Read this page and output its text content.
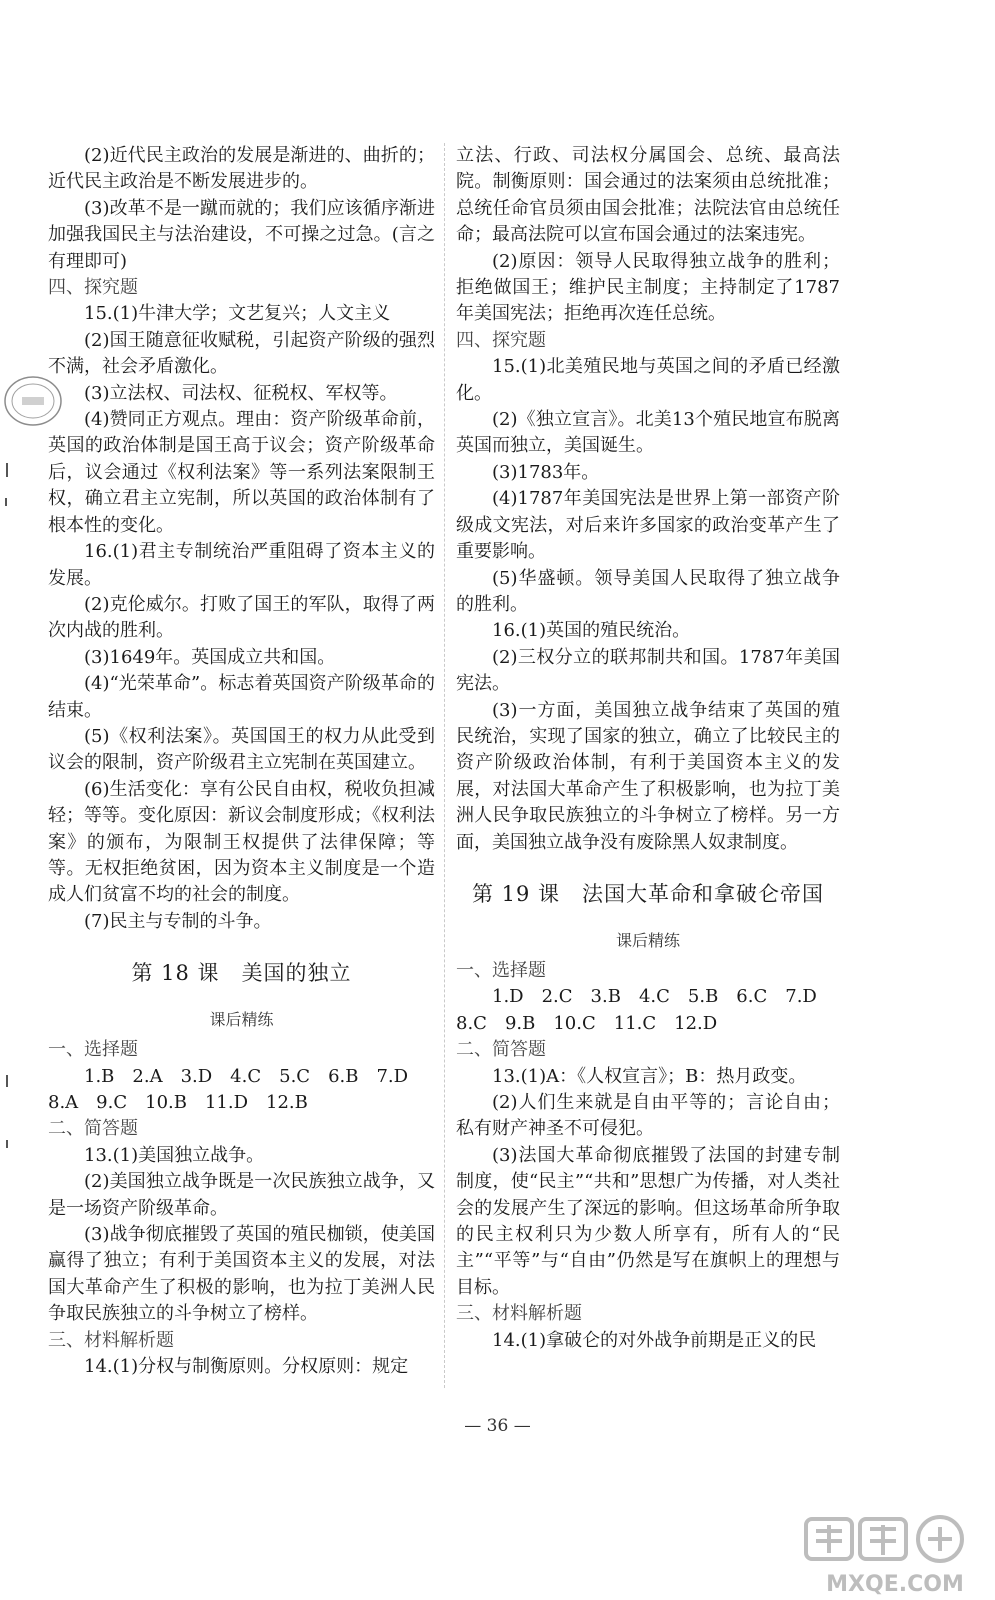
(2)近代民主政治的发展是渐进的、曲折的；近代民主政治是不断发展进步的。

(3)改革不是一蹴而就的；我们应该循序渐进加强我国民主与法治建设，不可操之过急。(言之有理即可)

四、探究题

15.(1)牛津大学；文艺复兴；人文主义

(2)国王随意征收赋税，引起资产阶级的强烈不满，社会矛盾激化。

(3)立法权、司法权、征税权、军权等。

(4)赞同正方观点。理由：资产阶级革命前，英国的政治体制是国王高于议会；资产阶级革命后，议会通过《权利法案》等一系列法案限制王权，确立君主立宪制，所以英国的政治体制有了根本性的变化。

16.(1)君主专制统治严重阻碍了资本主义的发展。

(2)克伦威尔。打败了国王的军队，取得了两次内战的胜利。

(3)1649年。英国成立共和国。

(4)“光荣革命”。标志着英国资产阶级革命的结束。

(5)《权利法案》。英国国王的权力从此受到议会的限制，资产阶级君主立宪制在英国建立。

(6)生活变化：享有公民自由权，税收负担减轻；等等。变化原因：新议会制度形成；《权利法案》的颁布，为限制王权提供了法律保障；等等。无权拒绝贫困，因为资本主义制度是一个造成人们贫富不均的社会的制度。

(7)民主与专制的斗争。

第 18 课　美国的独立
课后精练

一、选择题

1.B　2.A　3.D　4.C　5.C　6.B　7.D

8.A　9.C　10.B　11.D　12.B

二、简答题

13.(1)美国独立战争。

(2)美国独立战争既是一次民族独立战争，又是一场资产阶级革命。

(3)战争彻底摧毁了英国的殖民枷锁，使美国赢得了独立；有利于美国资本主义的发展，对法国大革命产生了积极的影响，也为拉丁美洲人民争取民族独立的斗争树立了榜样。

三、材料解析题

14.(1)分权与制衡原则。分权原则：规定

立法、行政、司法权分属国会、总统、最高法院。制衡原则：国会通过的法案须由总统批准；总统任命官员须由国会批准；法院法官由总统任命；最高法院可以宣布国会通过的法案违宪。

(2)原因：领导人民取得独立战争的胜利；拒绝做国王；维护民主制度；主持制定了1787年美国宪法；拒绝再次连任总统。

四、探究题

15.(1)北美殖民地与英国之间的矛盾已经激化。

(2)《独立宣言》。北美13个殖民地宣布脱离英国而独立，美国诞生。

(3)1783年。

(4)1787年美国宪法是世界上第一部资产阶级成文宪法，对后来许多国家的政治变革产生了重要影响。

(5)华盛顿。领导美国人民取得了独立战争的胜利。

16.(1)英国的殖民统治。

(2)三权分立的联邦制共和国。1787年美国宪法。

(3)一方面，美国独立战争结束了英国的殖民统治，实现了国家的独立，确立了比较民主的资产阶级政治体制，有利于美国资本主义的发展，对法国大革命产生了积极影响，也为拉丁美洲人民争取民族独立的斗争树立了榜样。另一方面，美国独立战争没有废除黑人奴隶制度。

第 19 课　法国大革命和拿破仑帝国
课后精练

一、选择题

1.D　2.C　3.B　4.C　5.B　6.C　7.D

8.C　9.B　10.C　11.C　12.D

二、简答题

13.(1)A：《人权宣言》；B：热月政变。

(2)人们生来就是自由平等的；言论自由；私有财产神圣不可侵犯。

(3)法国大革命彻底摧毁了法国的封建专制制度，使“民主”“共和”思想广为传播，对人类社会的发展产生了深远的影响。但这场革命所争取的民主权利只为少数人所享有，所有人的“民主”“平等”与“自由”仍然是写在旗帜上的理想与目标。

三、材料解析题

14.(1)拿破仑的对外战争前期是正义的民

— 36 —
MXQE.COM
